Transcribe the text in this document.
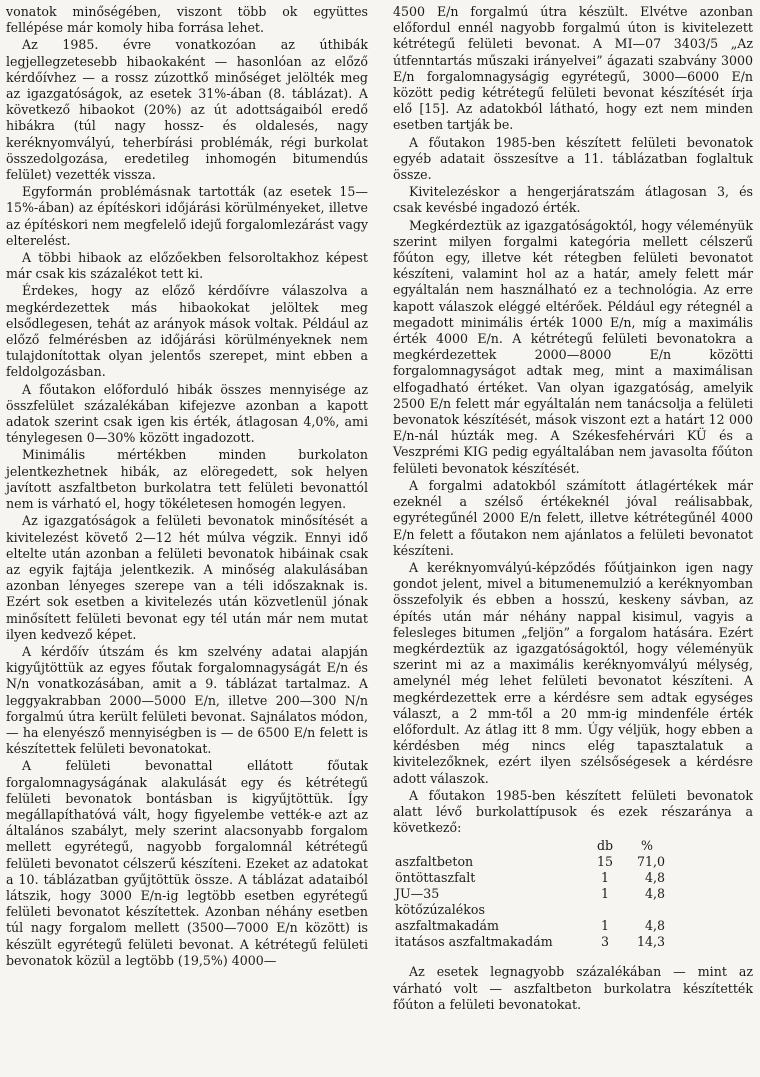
vonatok minőségében, viszont több ok együttes fellépése már komoly hiba forrása lehet.

Az 1985. évre vonatkozóan az úthibák legjellegzetesebb hibaokaként — hasonlóan az előző kérdőívhez — a rossz zúzottkő minőséget jelölték meg az igazgatóságok, az esetek 31%-ában (8. táblázat). A következő hibaokot (20%) az út adottságaiból eredő hibákra (túl nagy hossz- és oldalesés, nagy keréknyomvályú, teherbírási problémák, régi burkolat összedolgozása, eredetileg inhomogén bitumendús felület) vezették vissza.

Egyformán problémásnak tartották (az esetek 15—15%-ában) az építéskori időjárási körülményeket, illetve az építéskori nem megfelelő idejű forgalomlezárást vagy elterelést.

A többi hibaok az előzőekben felsoroltakhoz képest már csak kis százalékot tett ki.

Érdekes, hogy az előző kérdőívre válaszolva a megkérdezettek más hibaokokat jelöltek meg elsődlegesen, tehát az arányok mások voltak. Például az előző felmérésben az időjárási körülményeknek nem tulajdonítottak olyan jelentős szerepet, mint ebben a feldolgozásban.

A főutakon előforduló hibák összes mennyisége az összfelület százalékában kifejezve azonban a kapott adatok szerint csak igen kis érték, átlagosan 4,0%, ami ténylegesen 0—30% között ingadozott.

Minimális mértékben minden burkolaton jelentkezhetnek hibák, az elöregedett, sok helyen javított aszfaltbeton burkolatra tett felületi bevonattól nem is várható el, hogy tökéletesen homogén legyen.

Az igazgatóságok a felületi bevonatok minősítését a kivitelezést követő 2—12 hét múlva végzik. Ennyi idő eltelte után azonban a felületi bevonatok hibáinak csak az egyik fajtája jelentkezik. A minőség alakulásában azonban lényeges szerepe van a téli időszaknak is. Ezért sok esetben a kivitelezés után közvetlenül jónak minősített felületi bevonat egy tél után már nem mutat ilyen kedvező képet.

A kérdőív útszám és km szelvény adatai alapján kigyűjtöttük az egyes főutak forgalomnagyságát E/n és N/n vonatkozásában, amit a 9. táblázat tartalmaz. A leggyakrabban 2000—5000 E/n, illetve 200—300 N/n forgalmú útra került felületi bevonat. Sajnálatos módon, — ha elenyésző mennyiségben is — de 6500 E/n felett is készítettek felületi bevonatokat.

A felületi bevonattal ellátott főutak forgalomnagyságának alakulását egy és kétrétegű felületi bevonatok bontásban is kigyűjtöttük. Így megállapíthatóvá vált, hogy figyelembe vették-e azt az általános szabályt, mely szerint alacsonyabb forgalom mellett egyrétegű, nagyobb forgalomnál kétrétegű felületi bevonatot célszerű készíteni. Ezeket az adatokat a 10. táblázatban gyűjtöttük össze. A táblázat adataiból látszik, hogy 3000 E/n-ig legtöbb esetben egyrétegű felületi bevonatot készítettek. Azonban néhány esetben túl nagy forgalom mellett (3500—7000 E/n között) is készült egyrétegű felületi bevonat. A kétrétegű felületi bevonatok közül a legtöbb (19,5%) 4000—

4500 E/n forgalmú útra készült. Elvétve azonban előfordul ennél nagyobb forgalmú úton is kivitelezett kétrétegű felületi bevonat. A MI—07 3403/5 „Az útfenntartás műszaki irányelvei” ágazati szabvány 3000 E/n forgalomnagyságig egyrétegű, 3000—6000 E/n között pedig kétrétegű felületi bevonat készítését írja elő [15]. Az adatokból látható, hogy ezt nem minden esetben tartják be.

A főutakon 1985-ben készített felületi bevonatok egyéb adatait összesítve a 11. táblázatban foglaltuk össze.

Kivitelezéskor a hengerjáratszám átlagosan 3, és csak kevésbé ingadozó érték.

Megkérdeztük az igazgatóságoktól, hogy véleményük szerint milyen forgalmi kategória mellett célszerű főúton egy, illetve két rétegben felületi bevonatot készíteni, valamint hol az a határ, amely felett már egyáltalán nem használható ez a technológia. Az erre kapott válaszok eléggé eltérőek. Például egy rétegnél a megadott minimális érték 1000 E/n, míg a maximális érték 4000 E/n. A kétrétegű felületi bevonatokra a megkérdezettek 2000—8000 E/n közötti forgalomnagyságot adtak meg, mint a maximálisan elfogadható értéket. Van olyan igazgatóság, amelyik 2500 E/n felett már egyáltalán nem tanácsolja a felületi bevonatok készítését, mások viszont ezt a határt 12 000 E/n-nál húzták meg. A Székesfehérvári KÜ és a Veszprémi KIG pedig egyáltalában nem javasolta főúton felületi bevonatok készítését.

A forgalmi adatokból számított átlagértékek már ezeknél a szélső értékeknél jóval reálisabbak, egyrétegűnél 2000 E/n felett, illetve kétrétegűnél 4000 E/n felett a főutakon nem ajánlatos a felületi bevonatot készíteni.

A keréknyomvályú-képződés főútjainkon igen nagy gondot jelent, mivel a bitumenemulzió a keréknyomban összefolyik és ebben a hosszú, keskeny sávban, az építés után már néhány nappal kisimul, vagyis a felesleges bitumen „feljön” a forgalom hatására. Ezért megkérdeztük az igazgatóságoktól, hogy véleményük szerint mi az a maximális keréknyomvályú mélység, amelynél még lehet felületi bevonatot készíteni. A megkérdezettek erre a kérdésre sem adtak egységes választ, a 2 mm-től a 20 mm-ig mindenféle érték előfordult. Az átlag itt 8 mm. Úgy véljük, hogy ebben a kérdésben még nincs elég tapasztalatuk a kivitelezőknek, ezért ilyen szélsőségesek a kérdésre adott válaszok.

A főutakon 1985-ben készített felületi bevonatok alatt lévő burkolattípusok és ezek részaránya a következő:

	db	%
aszfaltbeton	15	71,0
öntöttaszfalt	1	4,8
JU—35	1	4,8
kötőzúzalékos aszfaltmakadám	1	4,8
itatásos aszfaltmakadám	3	14,3

Az esetek legnagyobb százalékában — mint az várható volt — aszfaltbeton burkolatra készítették főúton a felületi bevonatokat.
